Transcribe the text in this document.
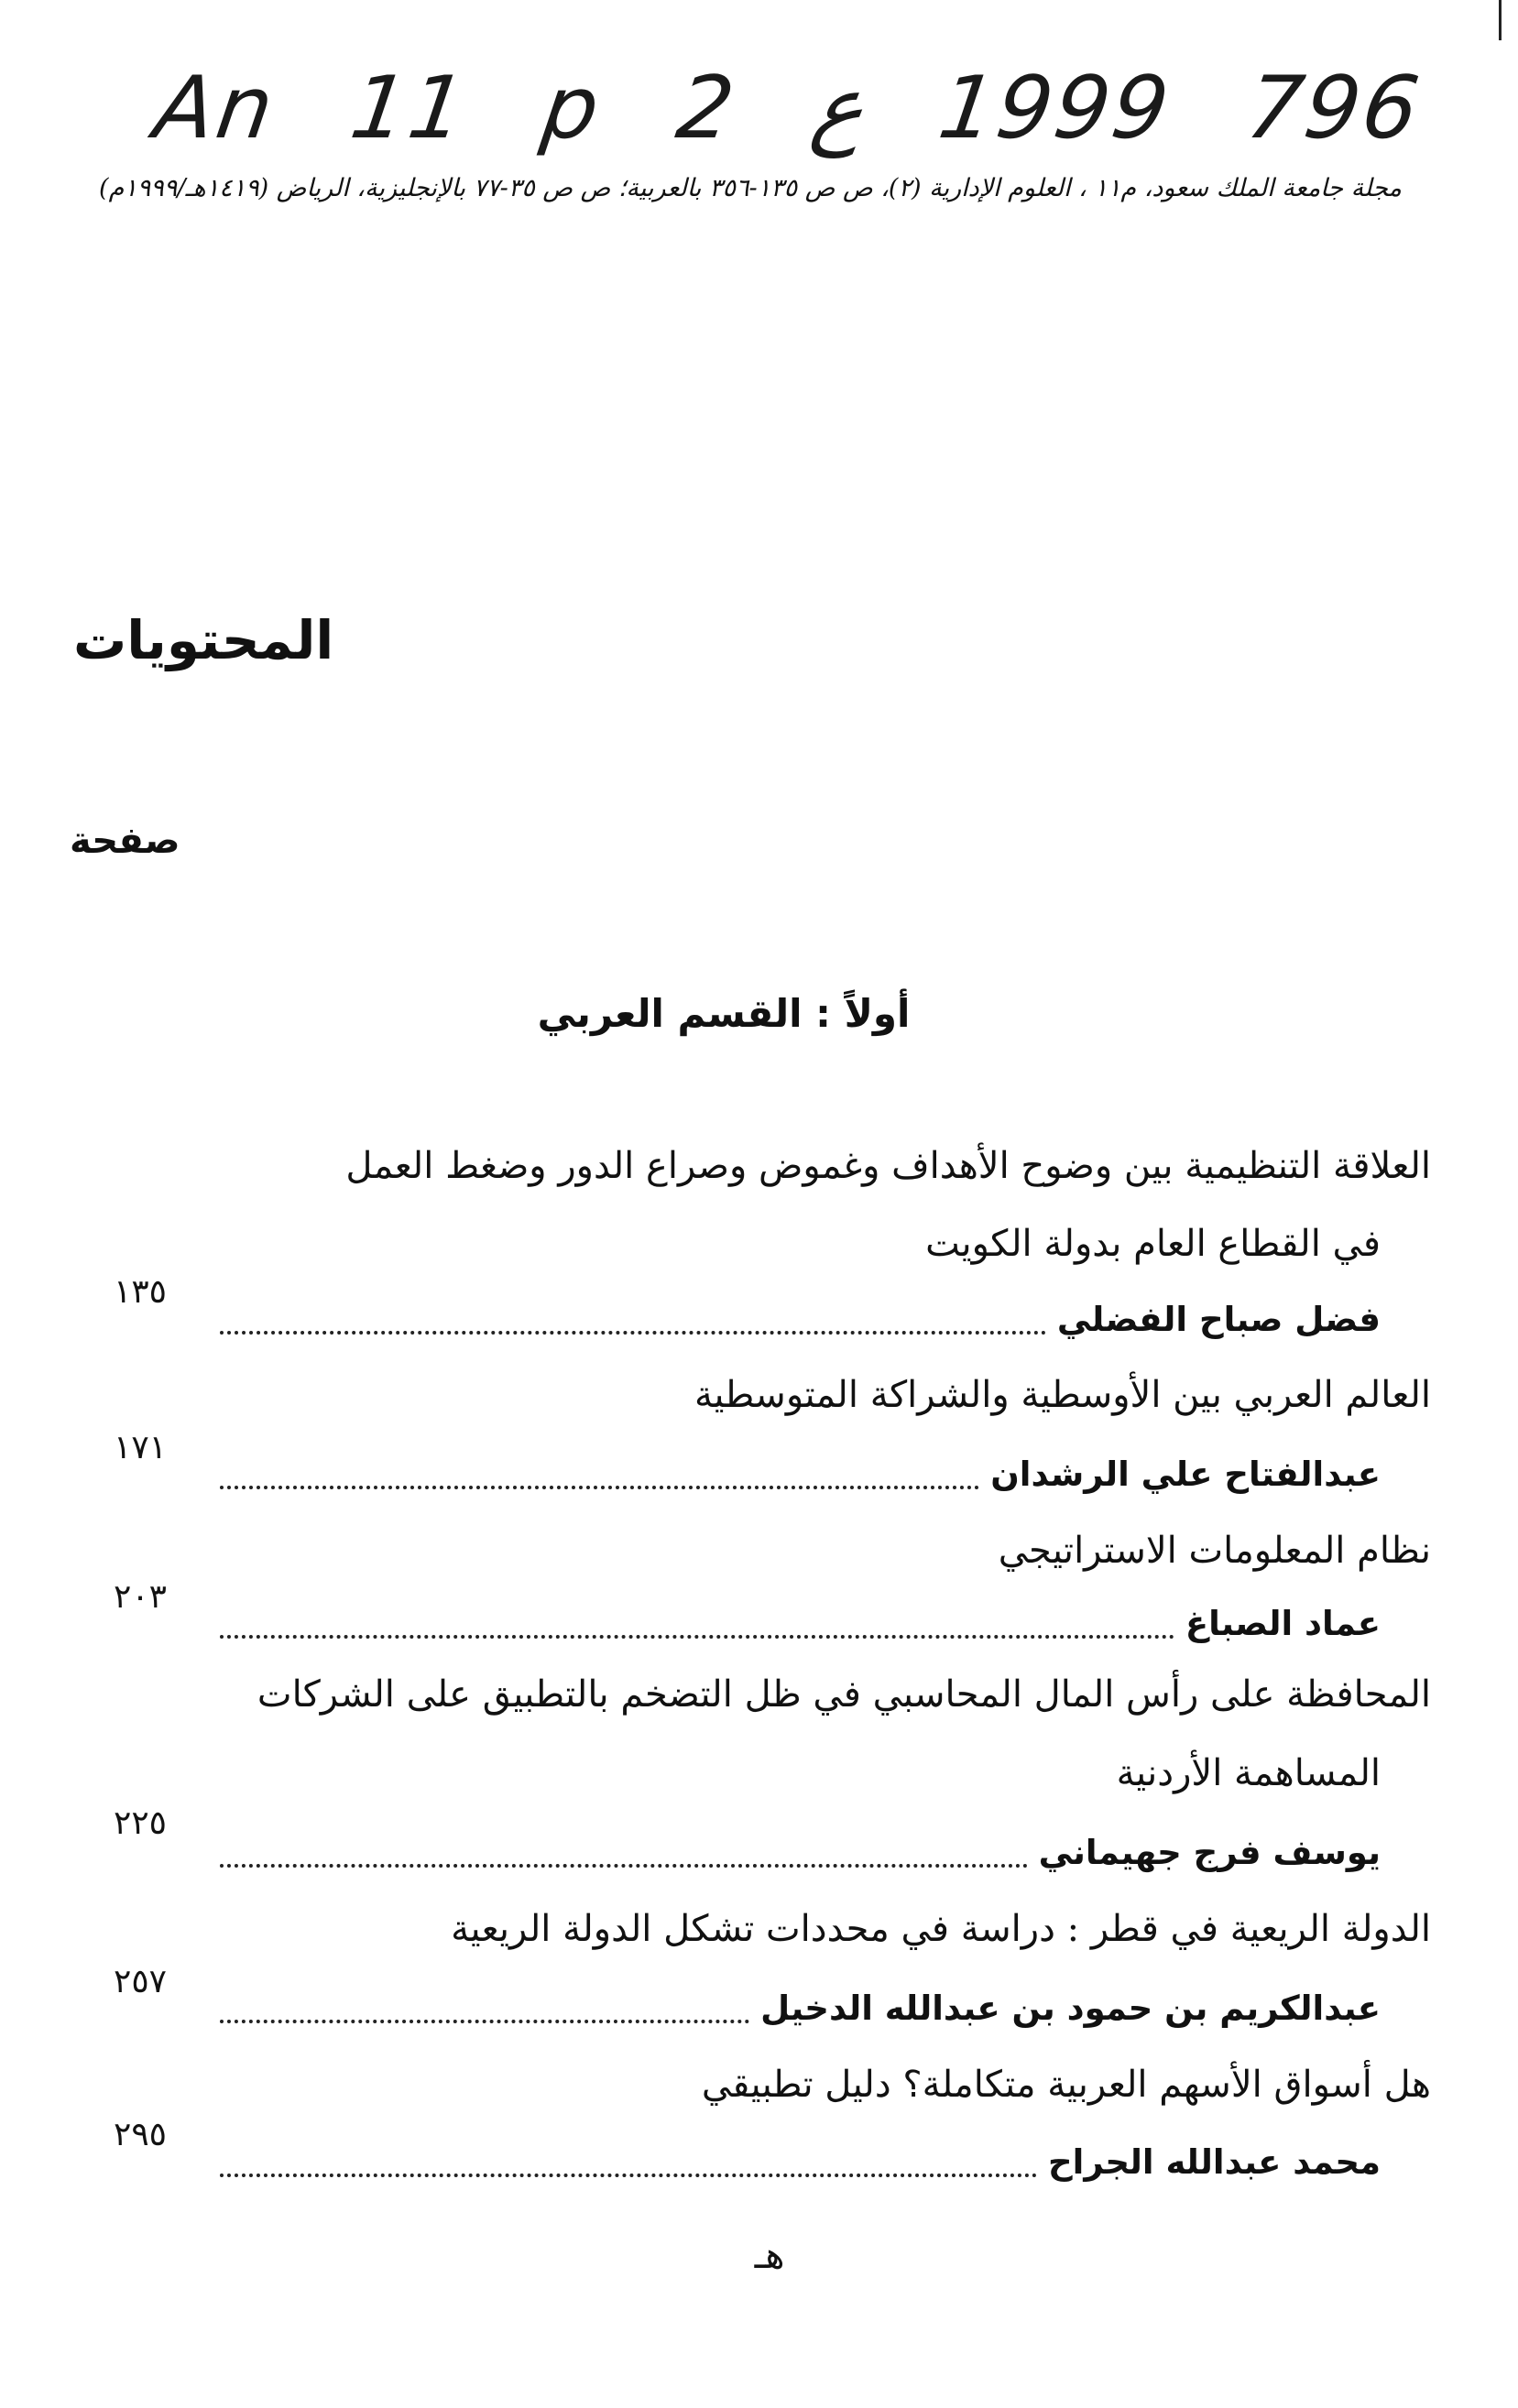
An 11 p 2 ع 1999 796
مجلة جامعة الملك سعود، م١١ ، العلوم الإدارية (٢)، ص ص ١٣٥-٣٥٦ بالعربية؛ ص ص ٣٥-٧٧ بالإنجليزية، الرياض (١٤١٩هـ/١٩٩٩م)
المحتويات
صفحة
أولاً : القسم العربي
العلاقة التنظيمية بين وضوح الأهداف وغموض وصراع الدور وضغط العمل
في القطاع العام بدولة الكويت
١٣٥
فضل صباح الفضلي
العالم العربي بين الأوسطية والشراكة المتوسطية
١٧١
عبدالفتاح علي الرشدان
نظام المعلومات الاستراتيجي
٢٠٣
عماد الصباغ
المحافظة على رأس المال المحاسبي في ظل التضخم بالتطبيق على الشركات
المساهمة الأردنية
٢٢٥
يوسف فرج جهيماني
الدولة الريعية في قطر : دراسة في محددات تشكل الدولة الريعية
٢٥٧
عبدالكريم بن حمود بن عبدالله الدخيل
هل أسواق الأسهم العربية متكاملة؟ دليل تطبيقي
٢٩٥
محمد عبدالله الجراح
هـ
